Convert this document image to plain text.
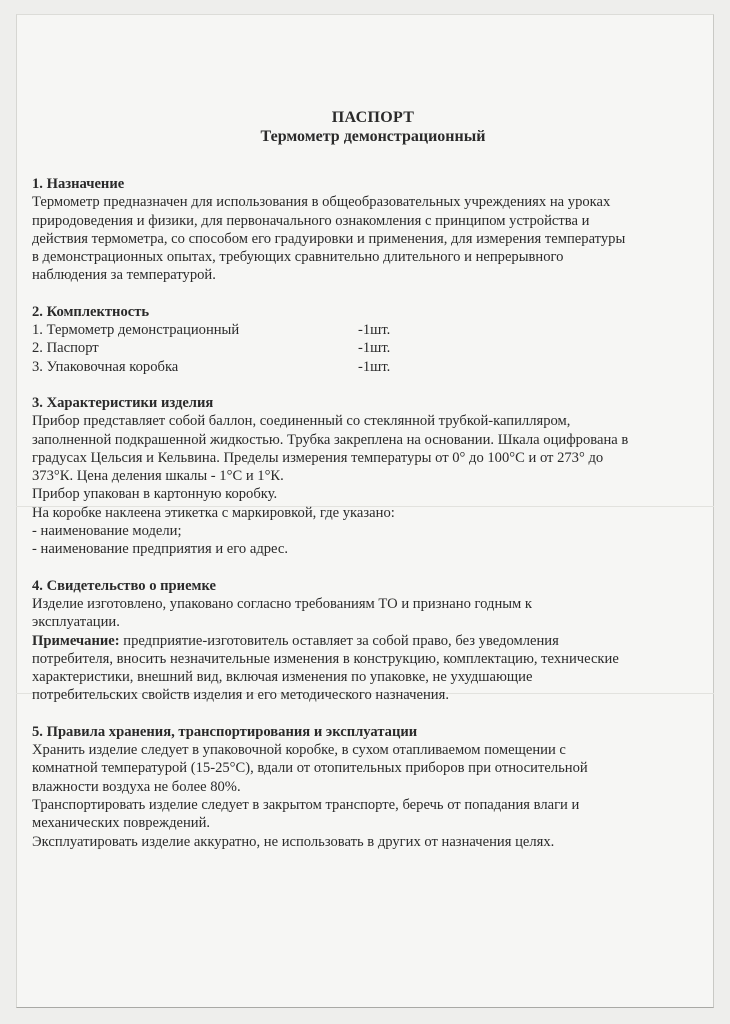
ПАСПОРТ
Термометр демонстрационный

1. Назначение

Термометр предназначен для использования в общеобразовательных учреждениях на уроках

природоведения и физики, для первоначального ознакомления с принципом устройства и

действия термометра, со способом его градуировки и применения, для измерения температуры

в демонстрационных опытах, требующих сравнительно длительного и непрерывного

наблюдения за температурой.

2. Комплектность

1. Термометр демонстрационный	-1шт.
2. Паспорт	-1шт.
3. Упаковочная коробка	-1шт.

3. Характеристики изделия

Прибор представляет собой баллон, соединенный со стеклянной трубкой-капилляром,

заполненной подкрашенной жидкостью. Трубка закреплена на основании. Шкала оцифрована в

градусах Цельсия и Кельвина. Пределы измерения температуры от 0° до 100°С и от 273° до

373°К. Цена деления шкалы - 1°С и 1°К.

Прибор упакован в картонную коробку.

На коробке наклеена этикетка с маркировкой, где указано:

- наименование модели;

- наименование предприятия и его адрес.

4. Свидетельство о приемке

Изделие изготовлено, упаковано согласно требованиям ТО и признано годным к

эксплуатации.

Примечание: предприятие-изготовитель оставляет за собой право, без уведомления

потребителя, вносить незначительные изменения в конструкцию, комплектацию, технические

характеристики, внешний вид, включая изменения по упаковке, не ухудшающие

потребительских свойств изделия и его методического назначения.

5. Правила хранения, транспортирования и эксплуатации

Хранить изделие следует в упаковочной коробке, в сухом отапливаемом помещении с

комнатной температурой (15-25°С), вдали от отопительных приборов при относительной

влажности воздуха не более 80%.

Транспортировать изделие следует в закрытом транспорте, беречь от попадания влаги и

механических повреждений.

Эксплуатировать изделие аккуратно, не использовать в других от назначения целях.
